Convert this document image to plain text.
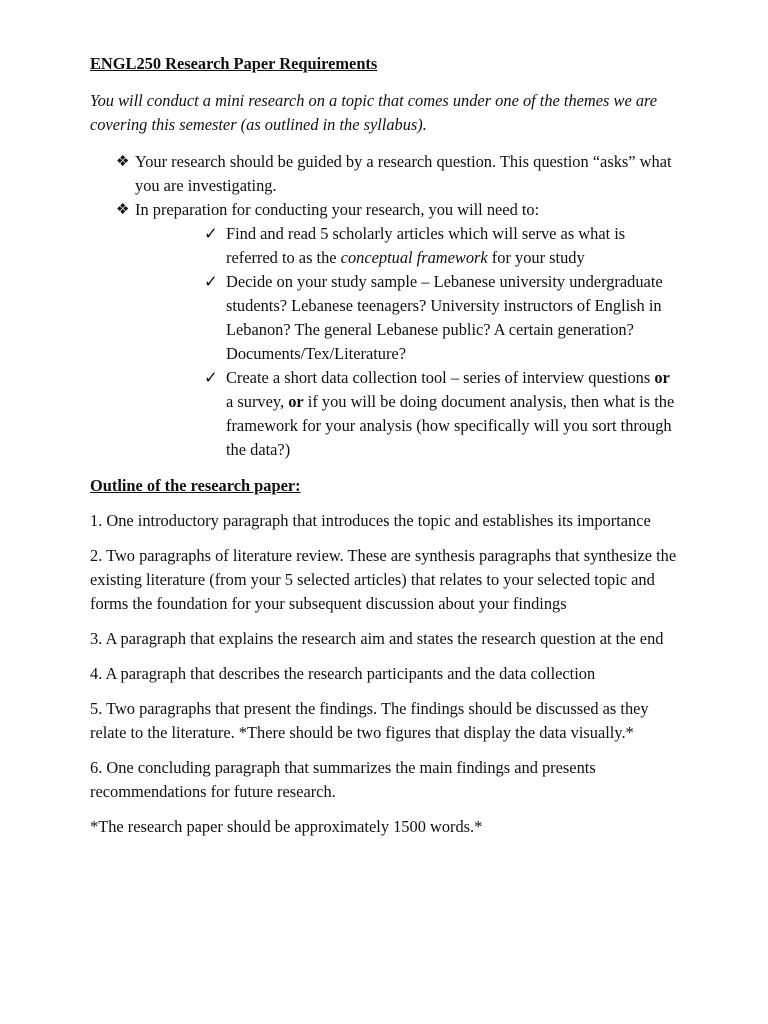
ENGL250 Research Paper Requirements

You will conduct a mini research on a topic that comes under one of the themes we are covering this semester (as outlined in the syllabus).

❖ Your research should be guided by a research question. This question “asks” what you are investigating.
❖ In preparation for conducting your research, you will need to:
✓ Find and read 5 scholarly articles which will serve as what is referred to as the conceptual framework for your study
✓ Decide on your study sample – Lebanese university undergraduate students? Lebanese teenagers? University instructors of English in Lebanon? The general Lebanese public? A certain generation? Documents/Tex/Literature?
✓ Create a short data collection tool – series of interview questions or a survey, or if you will be doing document analysis, then what is the framework for your analysis (how specifically will you sort through the data?)

Outline of the research paper:

1. One introductory paragraph that introduces the topic and establishes its importance

2. Two paragraphs of literature review. These are synthesis paragraphs that synthesize the existing literature (from your 5 selected articles) that relates to your selected topic and forms the foundation for your subsequent discussion about your findings

3. A paragraph that explains the research aim and states the research question at the end

4. A paragraph that describes the research participants and the data collection

5. Two paragraphs that present the findings. The findings should be discussed as they relate to the literature. *There should be two figures that display the data visually.*

6. One concluding paragraph that summarizes the main findings and presents recommendations for future research.

*The research paper should be approximately 1500 words.*
